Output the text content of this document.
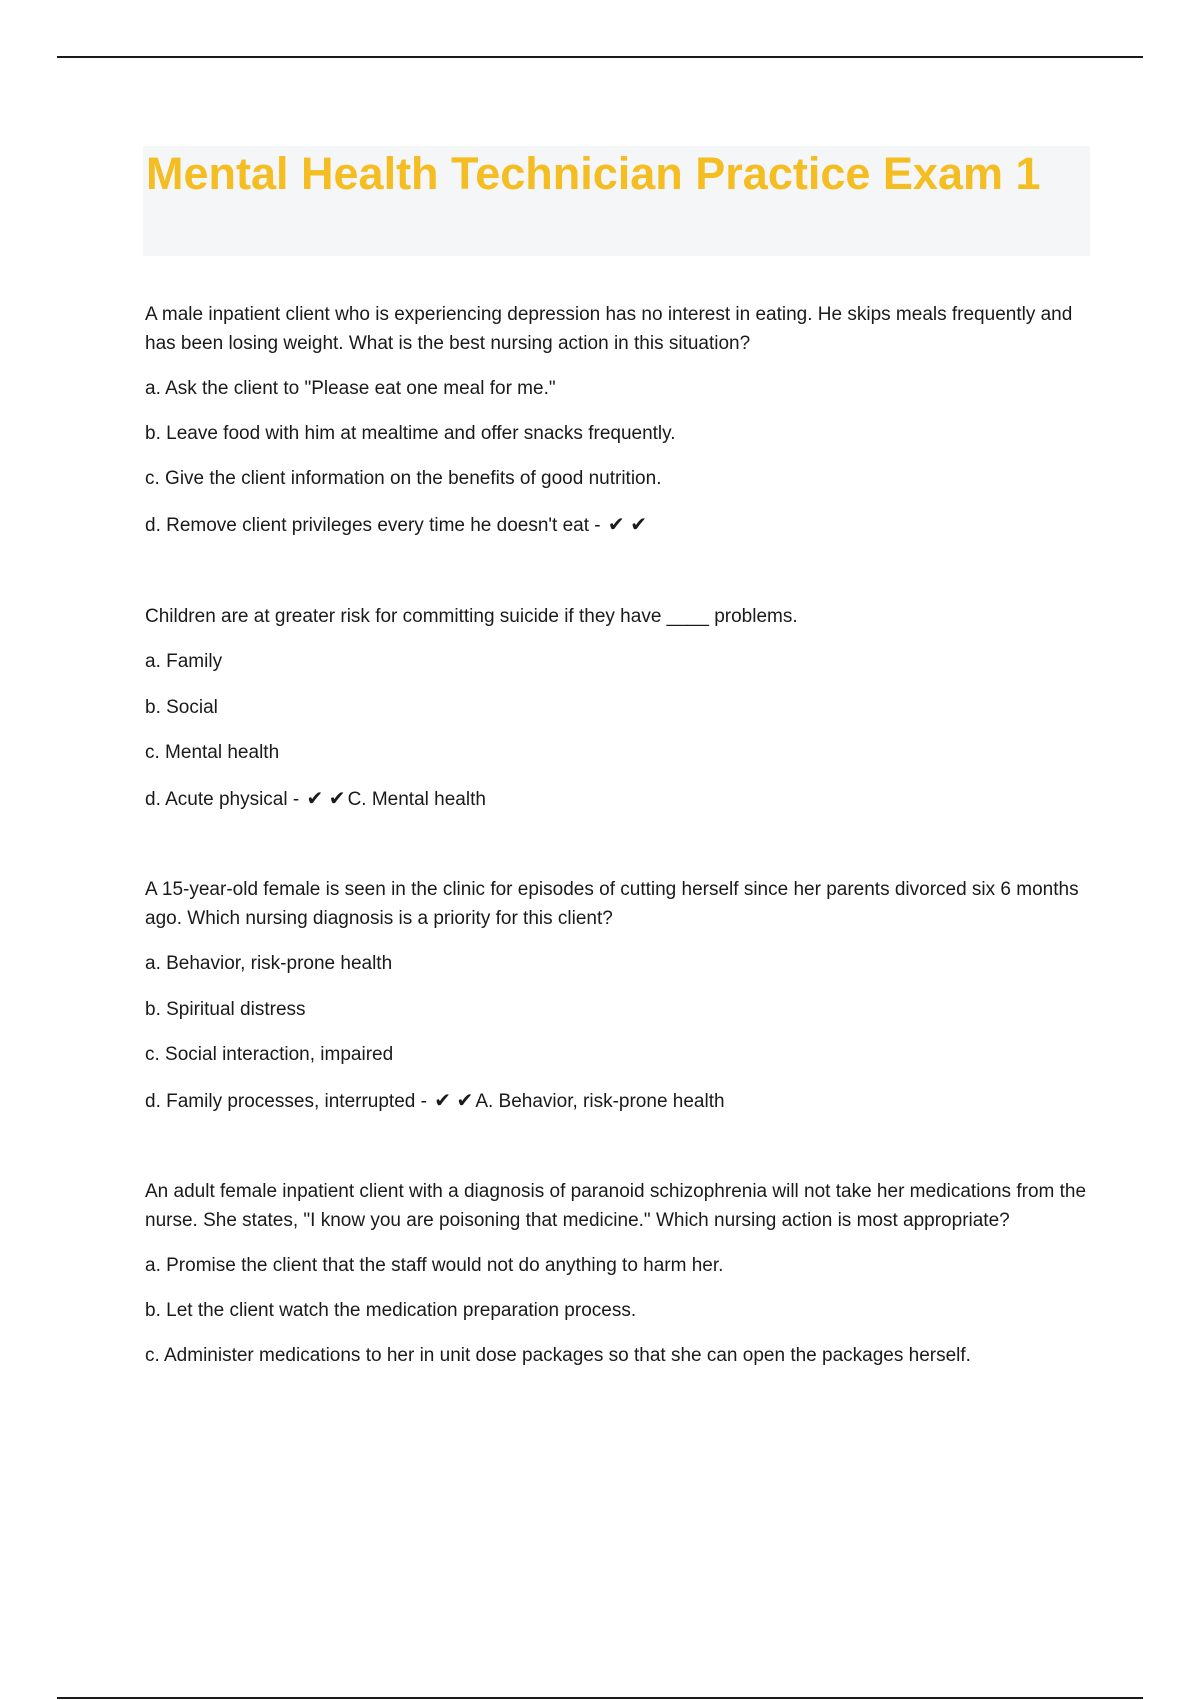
Mental Health Technician Practice Exam 1

A male inpatient client who is experiencing depression has no interest in eating. He skips meals frequently and has been losing weight. What is the best nursing action in this situation?

a. Ask the client to "Please eat one meal for me."

b. Leave food with him at mealtime and offer snacks frequently.

c. Give the client information on the benefits of good nutrition.

d. Remove client privileges every time he doesn't eat - ✔ ✔

Children are at greater risk for committing suicide if they have ____ problems.

a. Family

b. Social

c. Mental health

d. Acute physical - ✔ ✔ C. Mental health

A 15-year-old female is seen in the clinic for episodes of cutting herself since her parents divorced six 6 months ago. Which nursing diagnosis is a priority for this client?

a. Behavior, risk-prone health

b. Spiritual distress

c. Social interaction, impaired

d. Family processes, interrupted - ✔ ✔ A. Behavior, risk-prone health

An adult female inpatient client with a diagnosis of paranoid schizophrenia will not take her medications from the nurse. She states, "I know you are poisoning that medicine." Which nursing action is most appropriate?

a. Promise the client that the staff would not do anything to harm her.

b. Let the client watch the medication preparation process.

c. Administer medications to her in unit dose packages so that she can open the packages herself.
